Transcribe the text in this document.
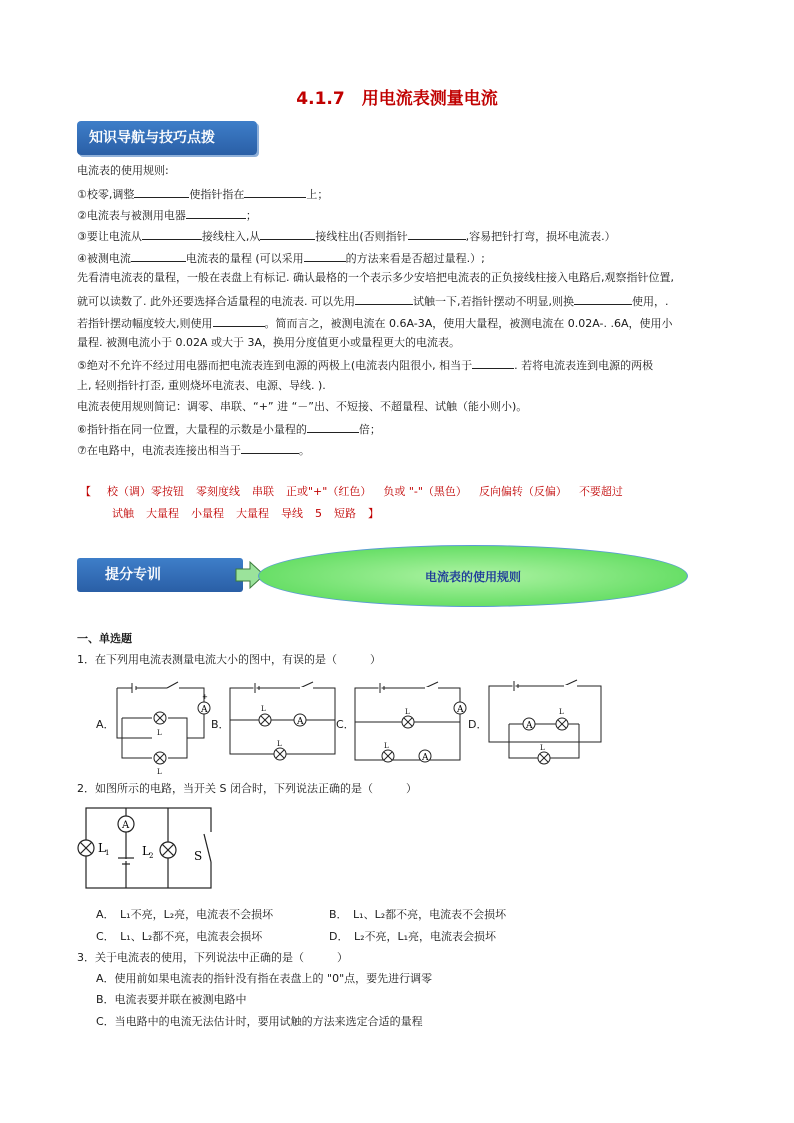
4.1.7　用电流表测量电流
知识导航与技巧点拨
电流表的使用规则:
①校零,调整	使指针指在	上；
②电流表与被测用电器	；
③要让电流从	接线柱入,从	接线柱出(否则指针	,容易把针打弯，损坏电流表.）
④被测电流	电流表的量程 (可以采用	的方法来看是否超过量程.）;
先看清电流表的量程，一般在表盘上有标记. 确认最格的一个表示多少安培把电流表的正负接线柱接入电路后,观察指针位置,
就可以读数了. 此外还要选择合适量程的电流表. 可以先用	试触一下,若指针摆动不明显,则换	使用，.
若指针摆动幅度较大,则使用	。简而言之，被测电流在 0.6A-3A，使用大量程，被测电流在 0.02A-. .6A，使用小
量程. 被测电流小于 0.02A 或大于 3A，换用分度值更小或量程更大的电流表。
⑤绝对不允许不经过用电器而把电流表连到电源的两极上(电流表内阻很小, 相当于	. 若将电流表连到电源的两极
上, 轻则指针打歪, 重则烧坏电流表、电源、导线. ).
电流表使用规则简记：调零、串联、“+” 进 “－”出、不短接、不超量程、试触（能小则小)。
⑥指针指在同一位置，大量程的示数是小量程的	倍；
⑦在电路中，电流表连接出相当于	。
【 校（调）零按钮 零刻度线 串联 正或"+"（红色） 负或 "-"（黑色） 反向偏转（反偏） 不要超过
试触 大量程 小量程 大量程 导线 5 短路 】
提分专训	电流表的使用规则
一、单选题
1．在下列用电流表测量电流大小的图中，有误的是（　　　）
A．	B．	C．	D．
A
+
L
L
A
L
L
A
A
L
L
A
L
L
2．如图所示的电路，当开关 S 闭合时，下列说法正确的是（　　　）
A
L 1	L 2	S
A．　L₁不亮，L₂亮，电流表不会损坏	B．　L₁、L₂都不亮，电流表不会损坏
C．　L₁、L₂都不亮，电流表会损坏	D．　L₂不亮，L₁亮，电流表会损坏
3．关于电流表的使用，下列说法中正确的是（　　　）
A．使用前如果电流表的指针没有指在表盘上的 "0"点，要先进行调零
B．电流表要并联在被测电路中
C．当电路中的电流无法估计时，要用试触的方法来选定合适的量程
